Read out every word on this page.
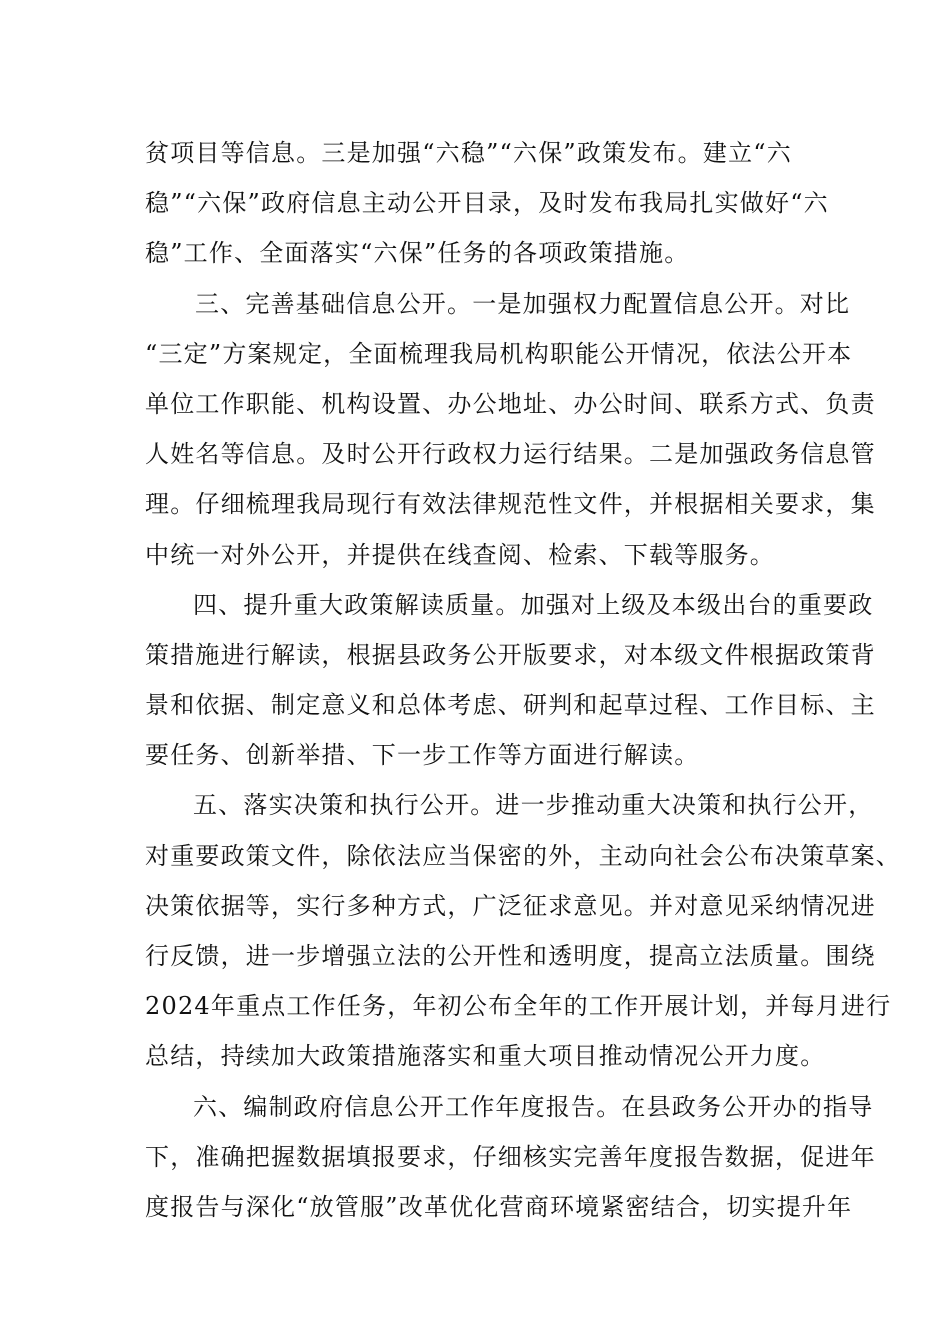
贫项目等信息。三是加强“六稳”“六保”政策发布。建立“六
稳”“六保”政府信息主动公开目录，及时发布我局扎实做好“六
稳”工作、全面落实“六保”任务的各项政策措施。
三、完善基础信息公开。一是加强权力配置信息公开。对比
“三定”方案规定，全面梳理我局机构职能公开情况，依法公开本
单位工作职能、机构设置、办公地址、办公时间、联系方式、负责
人姓名等信息。及时公开行政权力运行结果。二是加强政务信息管
理。仔细梳理我局现行有效法律规范性文件，并根据相关要求，集
中统一对外公开，并提供在线查阅、检索、下载等服务。
四、提升重大政策解读质量。加强对上级及本级出台的重要政
策措施进行解读，根据县政务公开版要求，对本级文件根据政策背
景和依据、制定意义和总体考虑、研判和起草过程、工作目标、主
要任务、创新举措、下一步工作等方面进行解读。
五、落实决策和执行公开。进一步推动重大决策和执行公开，
对重要政策文件，除依法应当保密的外，主动向社会公布决策草案、
决策依据等，实行多种方式，广泛征求意见。并对意见采纳情况进
行反馈，进一步增强立法的公开性和透明度，提高立法质量。围绕
2024年重点工作任务，年初公布全年的工作开展计划，并每月进行
总结，持续加大政策措施落实和重大项目推动情况公开力度。
六、编制政府信息公开工作年度报告。在县政务公开办的指导
下，准确把握数据填报要求，仔细核实完善年度报告数据，促进年
度报告与深化“放管服”改革优化营商环境紧密结合，切实提升年
